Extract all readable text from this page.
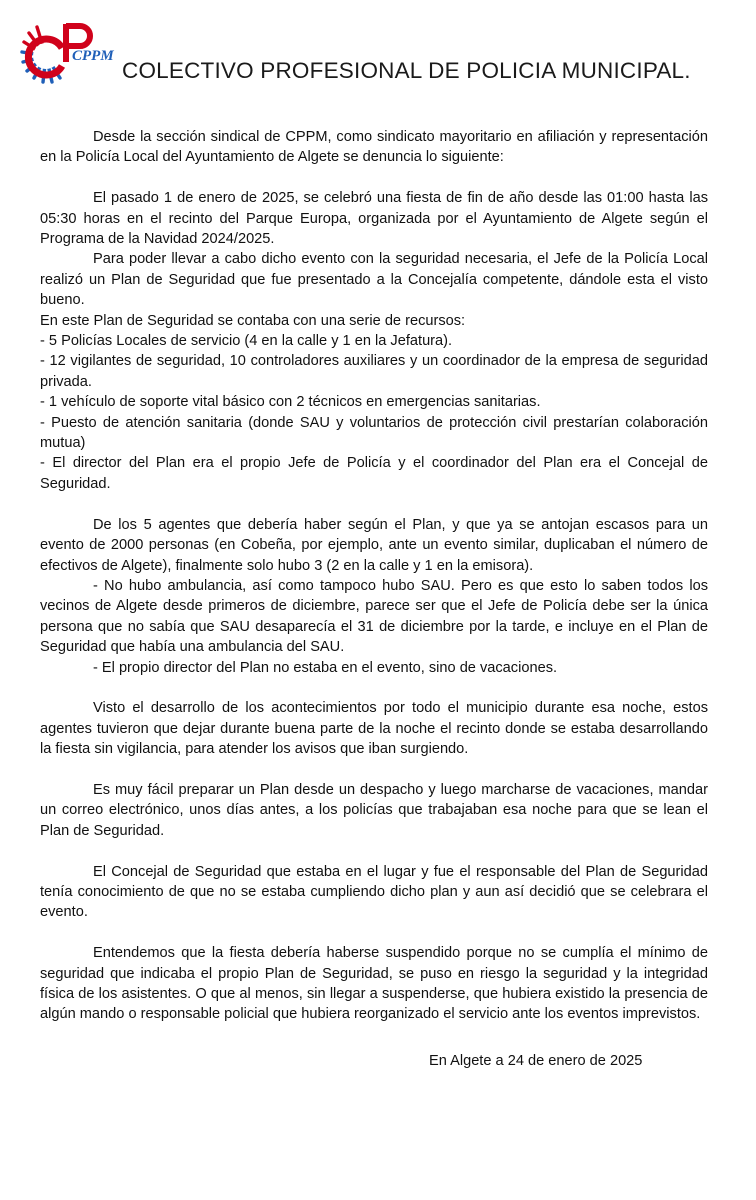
CPPM
COLECTIVO PROFESIONAL DE POLICIA MUNICIPAL.

Desde la sección sindical de CPPM, como sindicato mayoritario en afiliación y representación en la Policía Local del Ayuntamiento de Algete se denuncia lo siguiente:

El pasado 1 de enero de 2025, se celebró una fiesta de fin de año desde las 01:00 hasta las 05:30 horas en el recinto del Parque Europa, organizada por el Ayuntamiento de Algete según el Programa de la Navidad 2024/2025.

Para poder llevar a cabo dicho evento con la seguridad necesaria, el Jefe de la Policía Local realizó un Plan de Seguridad que fue presentado a la Concejalía competente, dándole esta el visto bueno.

En este Plan de Seguridad se contaba con una serie de recursos:

- 5 Policías Locales de servicio (4 en la calle y 1 en la Jefatura).

- 12 vigilantes de seguridad, 10 controladores auxiliares y un coordinador de la empresa de seguridad privada.

- 1 vehículo de soporte vital básico con 2 técnicos en emergencias sanitarias.

- Puesto de atención sanitaria (donde SAU y voluntarios de protección civil prestarían colaboración mutua)

- El director del Plan era el propio Jefe de Policía y el coordinador del Plan era el Concejal de Seguridad.

De los 5 agentes que debería haber según el Plan, y que ya se antojan escasos para un evento de 2000 personas (en Cobeña, por ejemplo, ante un evento similar, duplicaban el número de efectivos de Algete), finalmente solo hubo 3 (2 en la calle y 1 en la emisora).

- No hubo ambulancia, así como tampoco hubo SAU. Pero es que esto lo saben todos los vecinos de Algete desde primeros de diciembre, parece ser que el Jefe de Policía debe ser la única persona que no sabía que SAU desaparecía el 31 de diciembre por la tarde, e incluye en el Plan de Seguridad que había una ambulancia del SAU.

- El propio director del Plan no estaba en el evento, sino de vacaciones.

Visto el desarrollo de los acontecimientos por todo el municipio durante esa noche, estos agentes tuvieron que dejar durante buena parte de la noche el recinto donde se estaba desarrollando la fiesta sin vigilancia, para atender los avisos que iban surgiendo.

Es muy fácil preparar un Plan desde un despacho y luego marcharse de vacaciones, mandar un correo electrónico, unos días antes, a los policías que trabajaban esa noche para que se lean el Plan de Seguridad.

El Concejal de Seguridad que estaba en el lugar y fue el responsable del Plan de Seguridad tenía conocimiento de que no se estaba cumpliendo dicho plan y aun así decidió que se celebrara el evento.

Entendemos que la fiesta debería haberse suspendido porque no se cumplía el mínimo de seguridad que indicaba el propio Plan de Seguridad, se puso en riesgo la seguridad y la integridad física de los asistentes. O que al menos, sin llegar a suspenderse, que hubiera existido la presencia de algún mando o responsable policial que hubiera reorganizado el servicio ante los eventos imprevistos.

En Algete a 24 de enero de 2025
